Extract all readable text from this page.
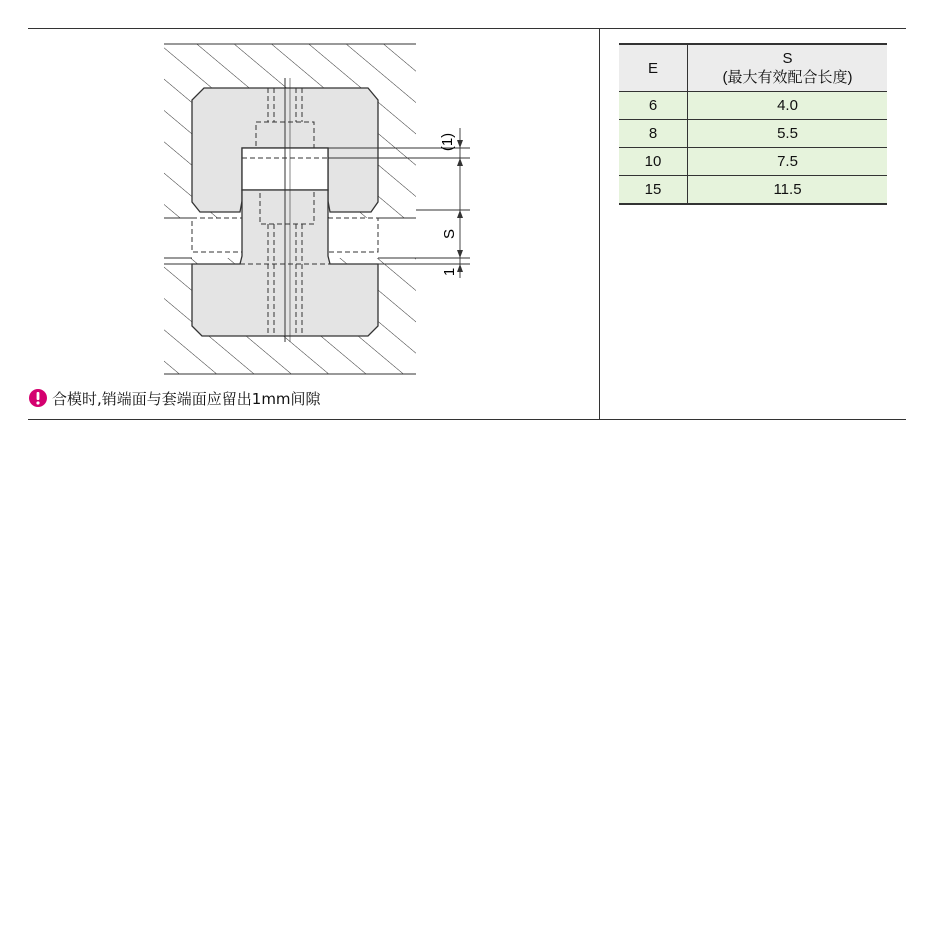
(1)
S
1
合模时,销端面与套端面应留出1mm间隙
E	S
(最大有效配合长度)

6	4.0
8	5.5
10	7.5
15	11.5
